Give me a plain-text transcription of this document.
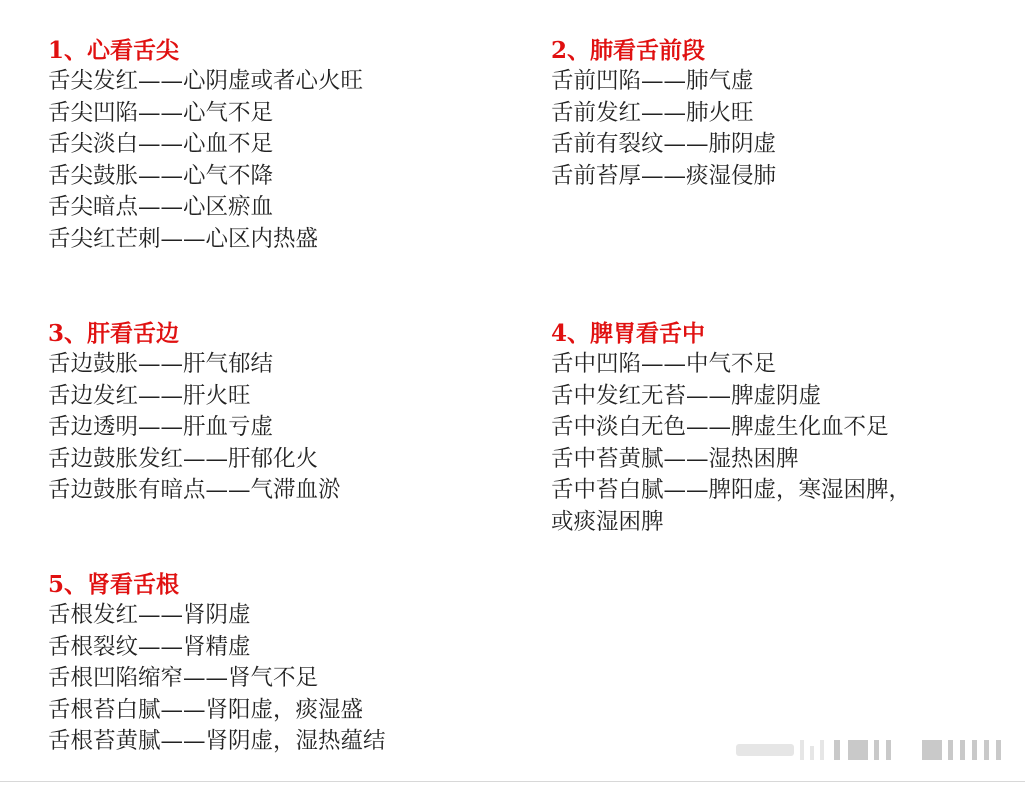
1、心看舌尖
舌尖发红——心阴虚或者心火旺
舌尖凹陷——心气不足
舌尖淡白——心血不足
舌尖鼓胀——心气不降
舌尖暗点——心区瘀血
舌尖红芒刺——心区内热盛
2、肺看舌前段
舌前凹陷——肺气虚
舌前发红——肺火旺
舌前有裂纹——肺阴虚
舌前苔厚——痰湿侵肺
3、肝看舌边
舌边鼓胀——肝气郁结
舌边发红——肝火旺
舌边透明——肝血亏虚
舌边鼓胀发红——肝郁化火
舌边鼓胀有暗点——气滞血淤
4、脾胃看舌中
舌中凹陷——中气不足
舌中发红无苔——脾虚阴虚
舌中淡白无色——脾虚生化血不足
舌中苔黄腻——湿热困脾
舌中苔白腻——脾阳虚，寒湿困脾，
或痰湿困脾
5、肾看舌根
舌根发红——肾阴虚
舌根裂纹——肾精虚
舌根凹陷缩窄——肾气不足
舌根苔白腻——肾阳虚，痰湿盛
舌根苔黄腻——肾阴虚，湿热蕴结
